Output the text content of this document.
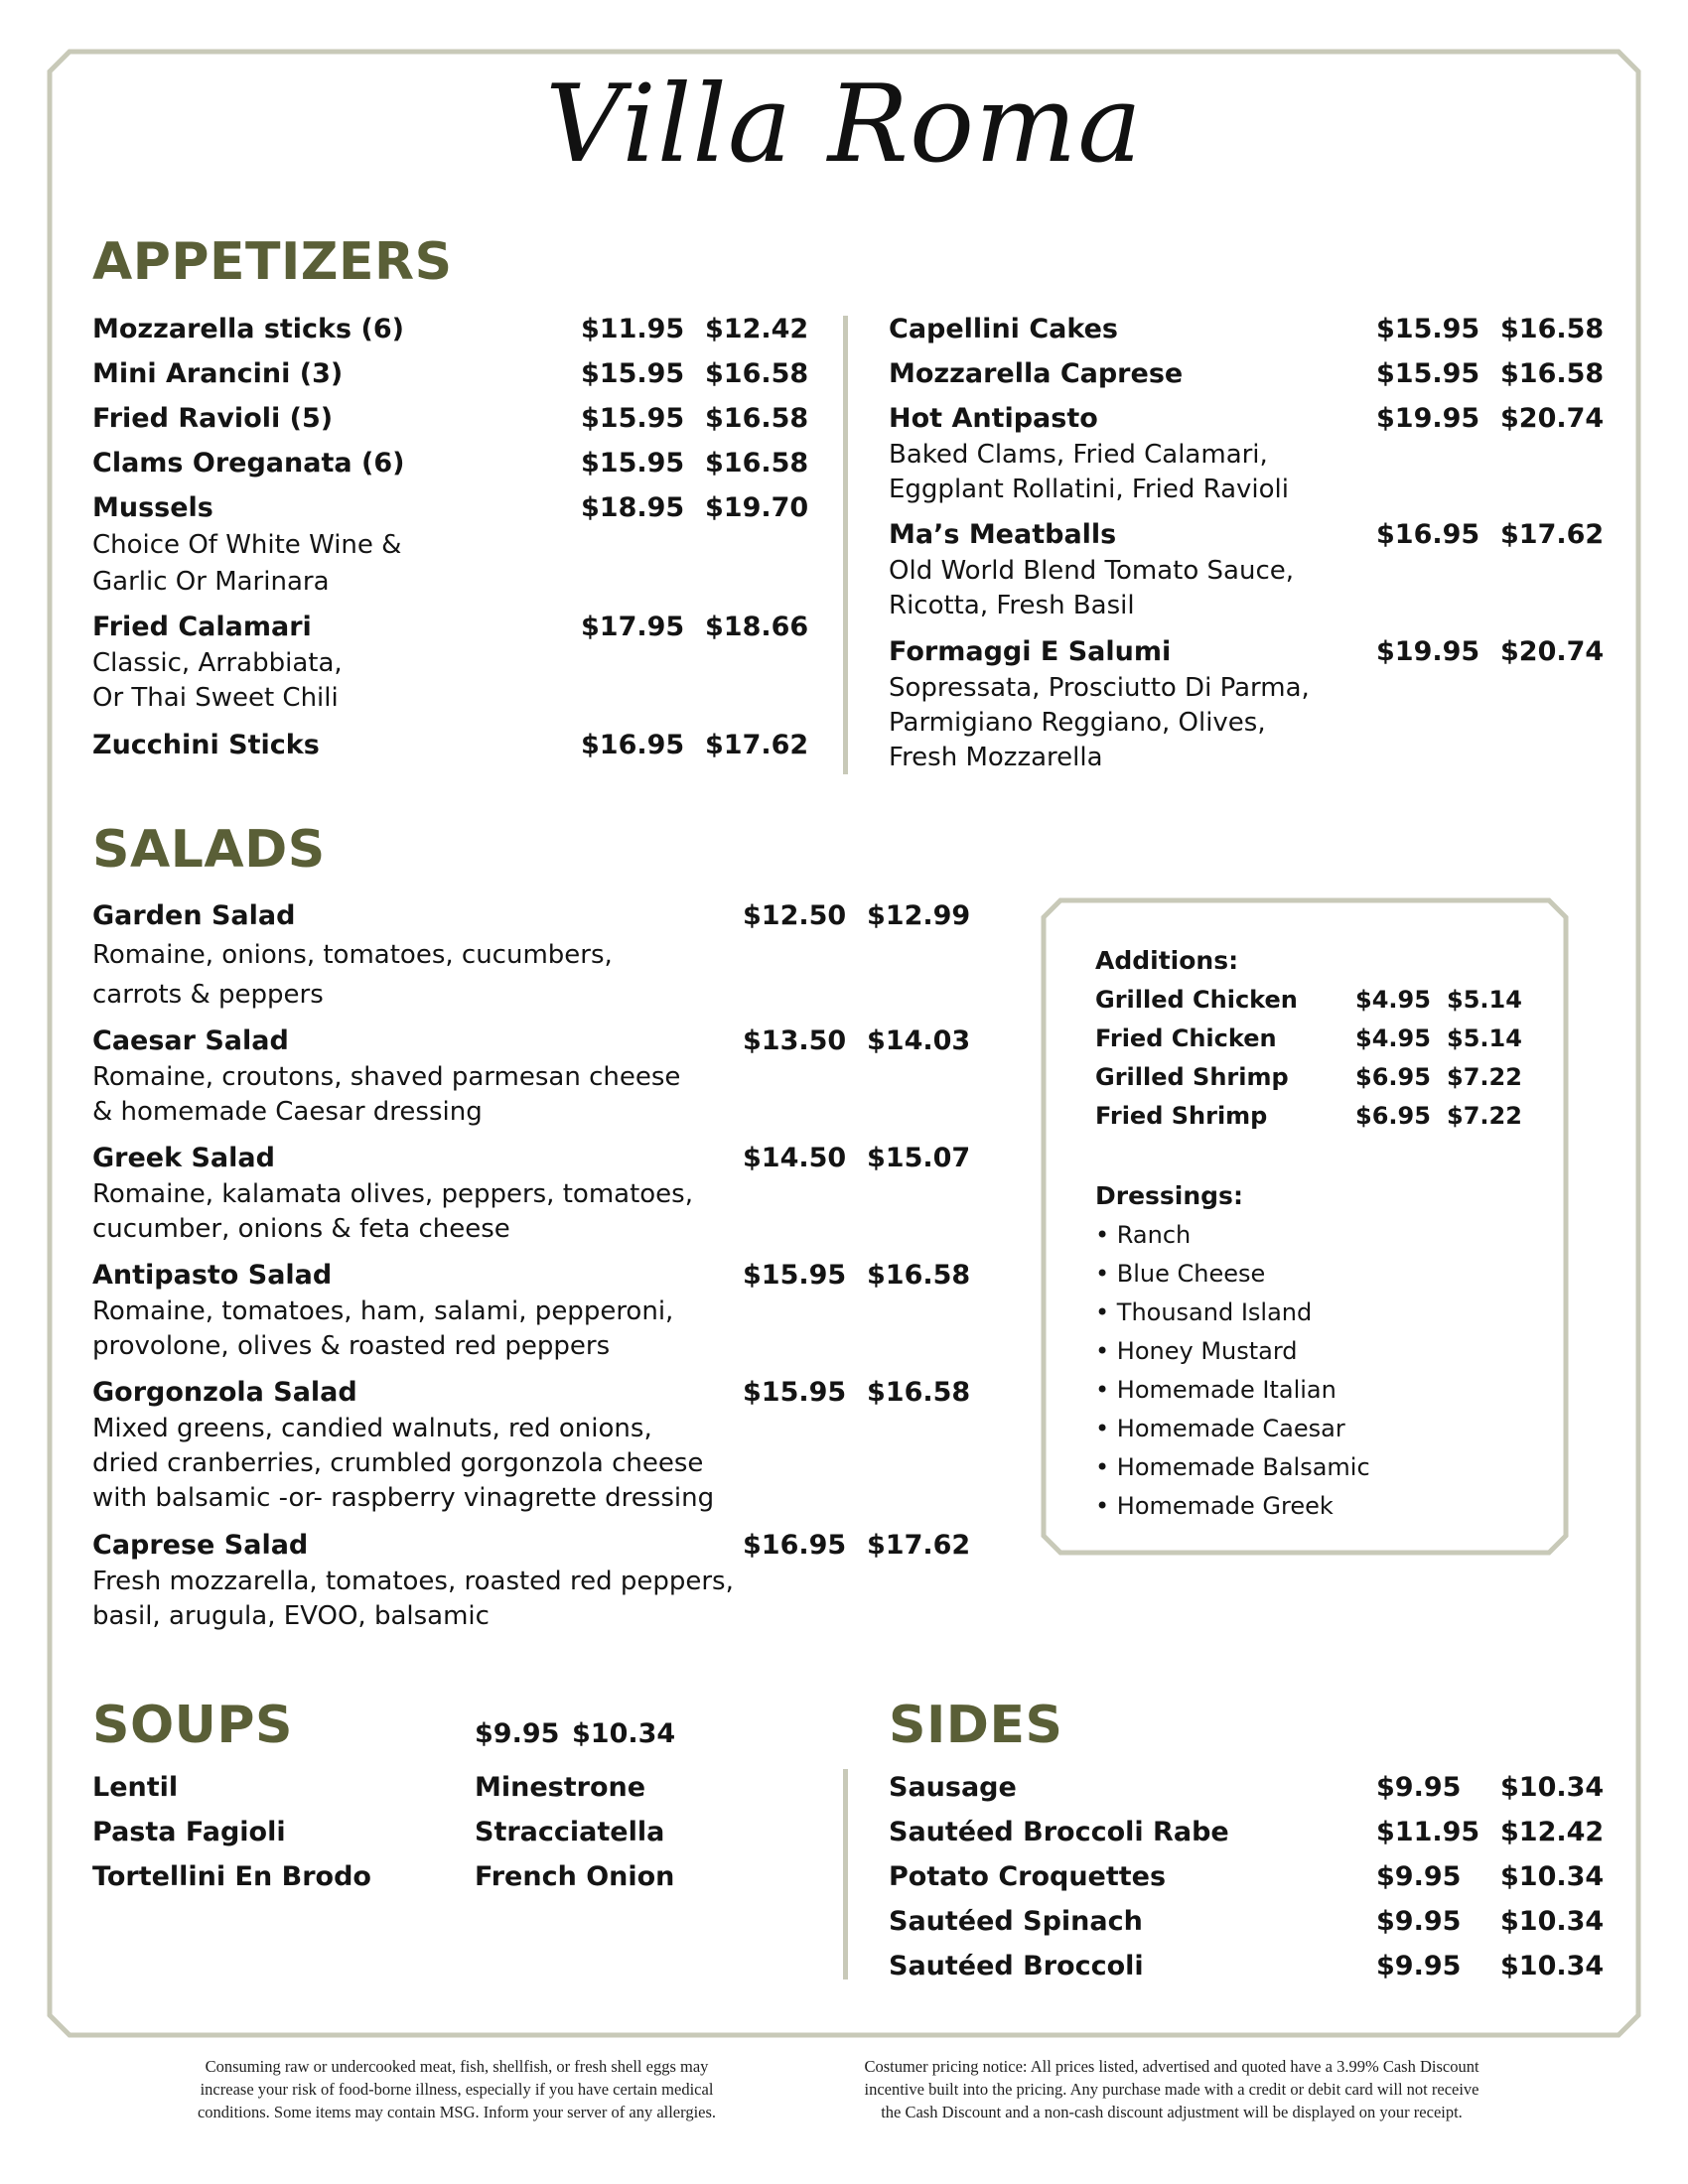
Villa Roma
APPETIZERS
Mozzarella sticks (6)	$11.95 $12.42
Mini Arancini (3)	$15.95 $16.58
Fried Ravioli (5)	$15.95 $16.58
Clams Oreganata (6)	$15.95 $16.58
Mussels
Choice Of White Wine &
Garlic Or Marinara
$18.95 $19.70
Fried Calamari
Classic, Arrabbiata,
Or Thai Sweet Chili
$17.95 $18.66
Zucchini Sticks	$16.95 $17.62
Capellini Cakes	$15.95 $16.58
Mozzarella Caprese	$15.95 $16.58
Hot Antipasto
Baked Clams, Fried Calamari,
Eggplant Rollatini, Fried Ravioli
$19.95 $20.74
Ma’s Meatballs
Old World Blend Tomato Sauce,
Ricotta, Fresh Basil
$16.95 $17.62
Formaggi E Salumi
Sopressata, Prosciutto Di Parma,
Parmigiano Reggiano, Olives,
Fresh Mozzarella
$19.95 $20.74
SALADS
Garden Salad
Romaine, onions, tomatoes, cucumbers,
carrots & peppers
$12.50 $12.99
Caesar Salad
Romaine, croutons, shaved parmesan cheese
& homemade Caesar dressing
$13.50 $14.03
Greek Salad
Romaine, kalamata olives, peppers, tomatoes,
cucumber, onions & feta cheese
$14.50 $15.07
Antipasto Salad
Romaine, tomatoes, ham, salami, pepperoni,
provolone, olives & roasted red peppers
$15.95 $16.58
Gorgonzola Salad
Mixed greens, candied walnuts, red onions,
dried cranberries, crumbled gorgonzola cheese
with balsamic -or- raspberry vinagrette dressing
$15.95 $16.58
Caprese Salad
Fresh mozzarella, tomatoes, roasted red peppers,
basil, arugula, EVOO, balsamic
$16.95 $17.62
Additions:
Grilled Chicken $4.95 $5.14
Fried Chicken	$4.95 $5.14
Grilled Shrimp	$6.95 $7.22
Fried Shrimp	$6.95 $7.22
Dressings:
• Ranch
• Blue Cheese
• Thousand Island
• Honey Mustard
• Homemade Italian
• Homemade Caesar
• Homemade Balsamic
• Homemade Greek
SOUPS	$9.95 $10.34
Lentil
Pasta Fagioli
Tortellini En Brodo
Minestrone
Stracciatella
French Onion
SIDES
Sausage	$9.95 $10.34
Sautéed Broccoli Rabe	$11.95 $12.42
Potato Croquettes	$9.95 $10.34
Sautéed Spinach	$9.95 $10.34
Sautéed Broccoli	$9.95 $10.34
Consuming raw or undercooked meat, fish, shellfish, or fresh shell eggs may
increase your risk of food-borne illness, especially if you have certain medical
conditions. Some items may contain MSG. Inform your server of any allergies.
Costumer pricing notice: All prices listed, advertised and quoted have a 3.99% Cash Discount
incentive built into the pricing. Any purchase made with a credit or debit card will not receive
the Cash Discount and a non-cash discount adjustment will be displayed on your receipt.
